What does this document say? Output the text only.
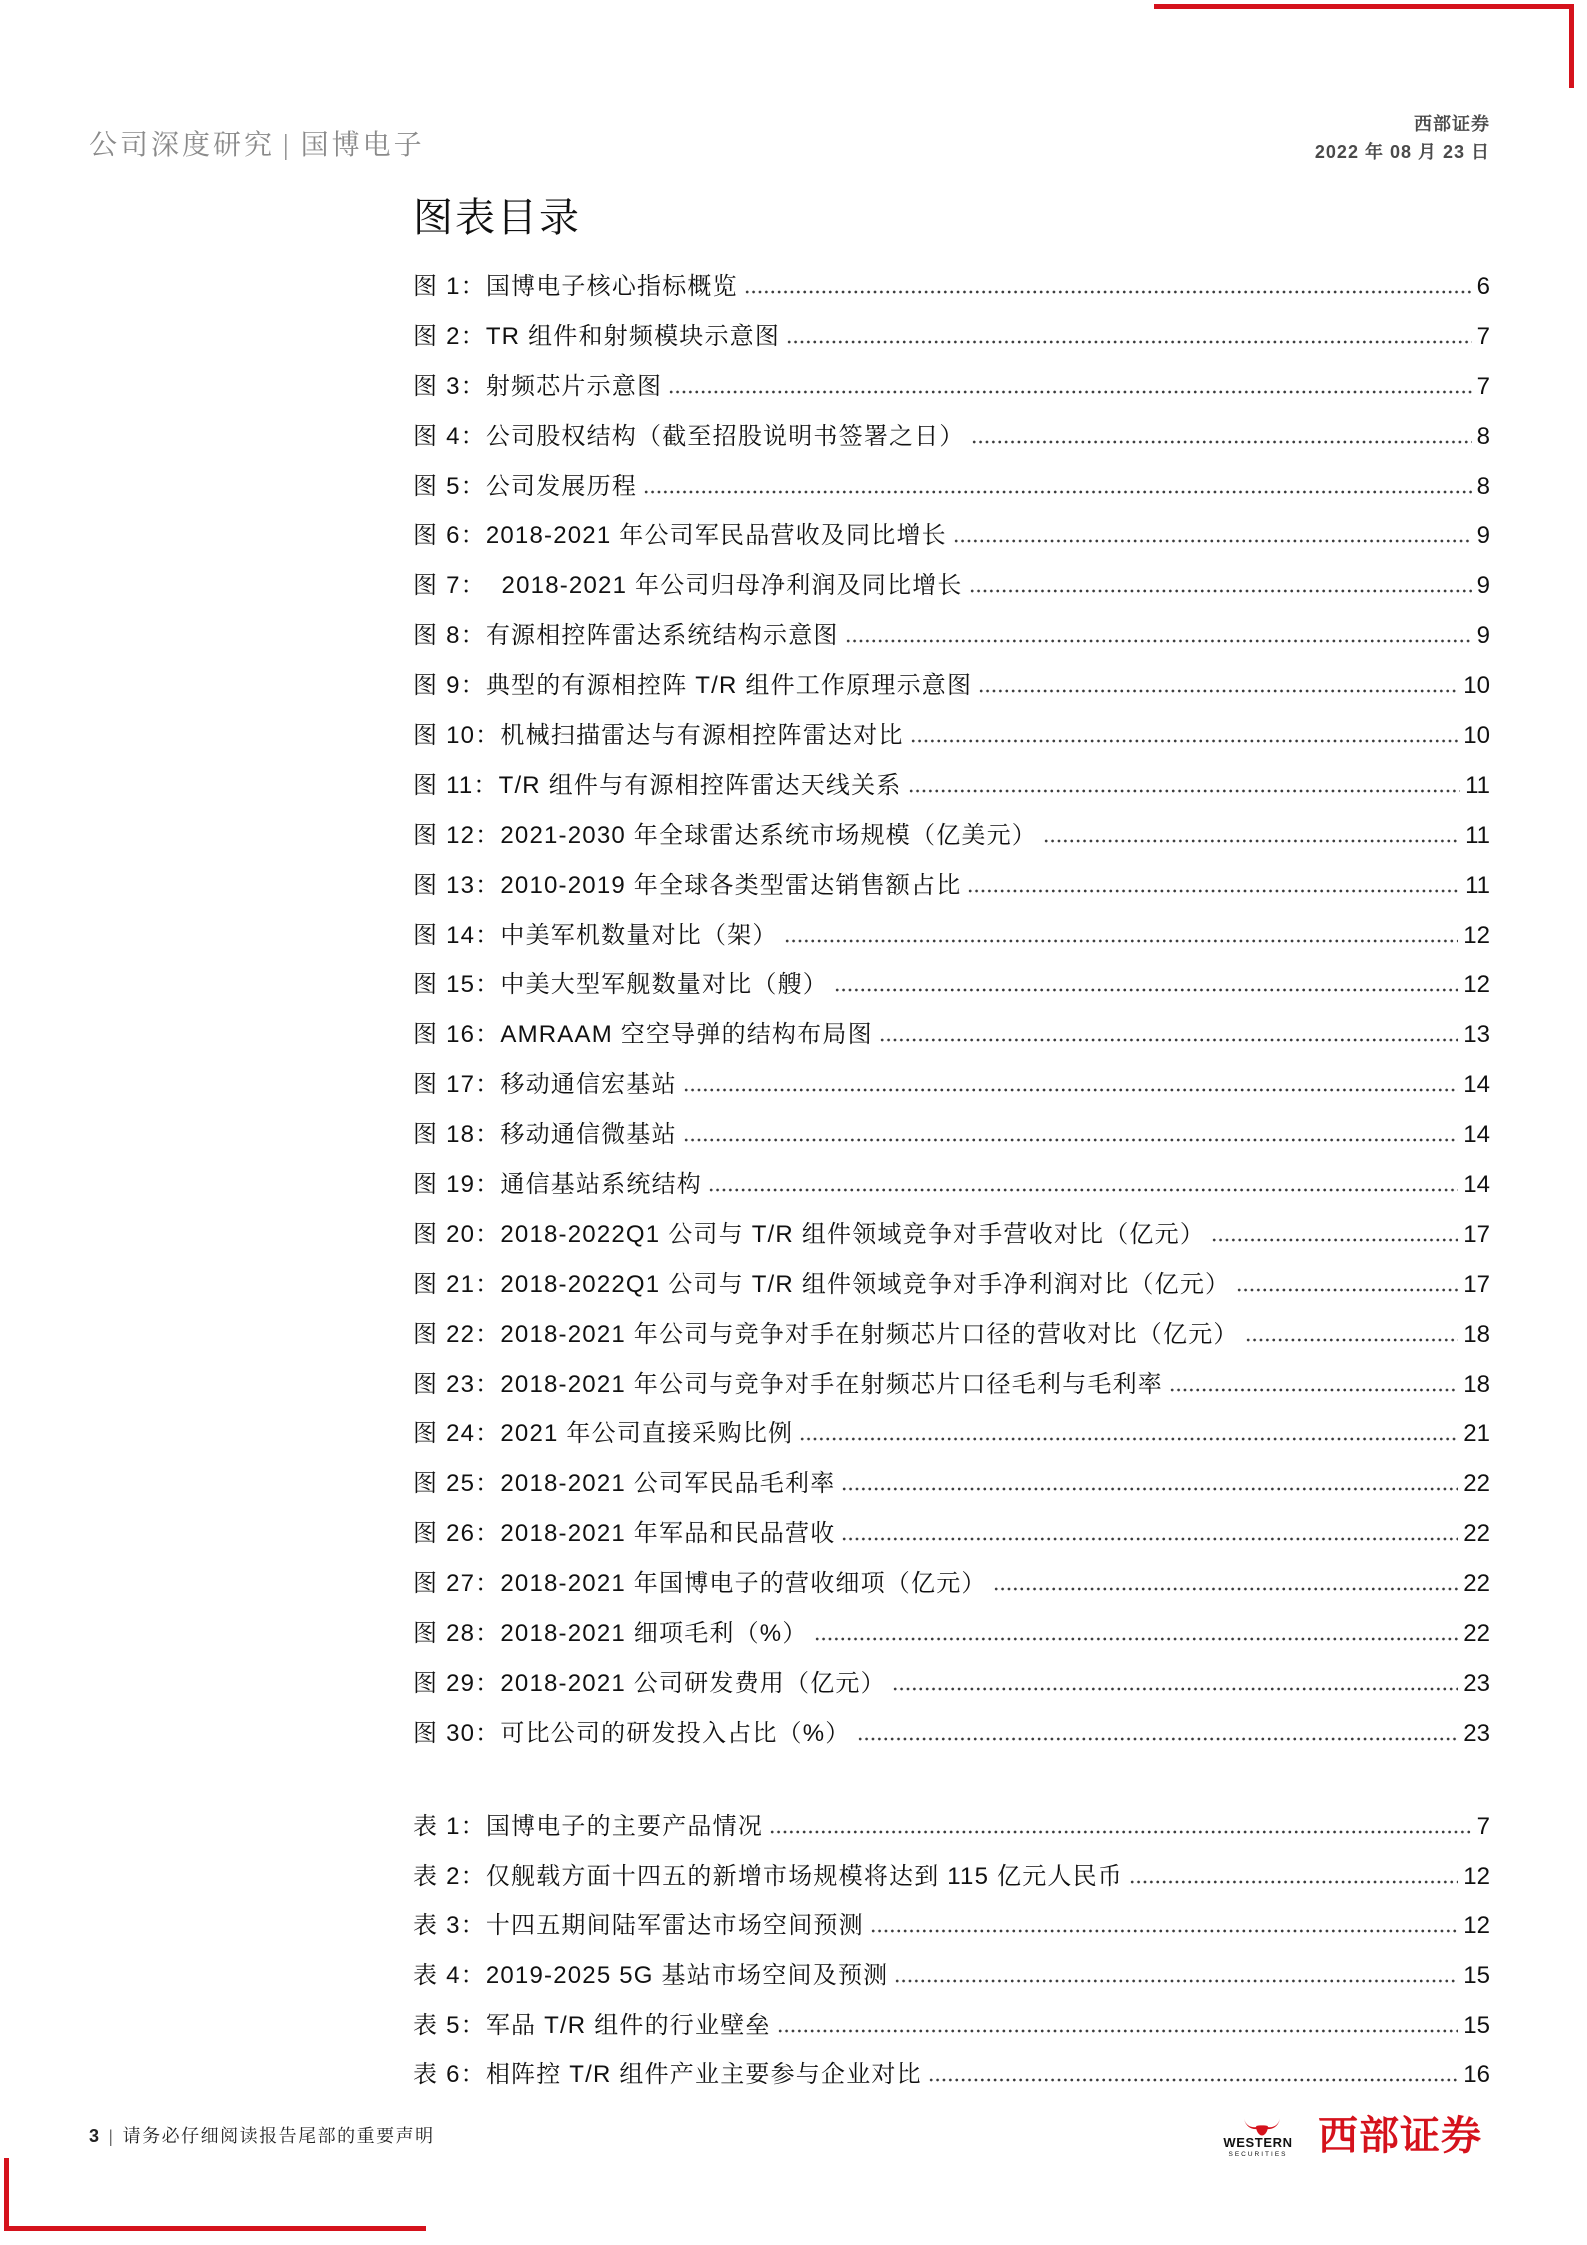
公司深度研究 | 国博电子
西部证券
2022 年 08 月 23 日
图表目录
图 1：国博电子核心指标概览	6
图 2：TR 组件和射频模块示意图	7
图 3：射频芯片示意图	7
图 4：公司股权结构（截至招股说明书签署之日）	8
图 5：公司发展历程	8
图 6：2018-2021 年公司军民品营收及同比增长	9
图 7：  2018-2021 年公司归母净利润及同比增长	9
图 8：有源相控阵雷达系统结构示意图	9
图 9：典型的有源相控阵 T/R 组件工作原理示意图	10
图 10：机械扫描雷达与有源相控阵雷达对比	10
图 11：T/R 组件与有源相控阵雷达天线关系	11
图 12：2021-2030 年全球雷达系统市场规模（亿美元）	11
图 13：2010-2019 年全球各类型雷达销售额占比	11
图 14：中美军机数量对比（架）	12
图 15：中美大型军舰数量对比（艘）	12
图 16：AMRAAM 空空导弹的结构布局图	13
图 17：移动通信宏基站	14
图 18：移动通信微基站	14
图 19：通信基站系统结构	14
图 20：2018-2022Q1 公司与 T/R 组件领域竞争对手营收对比（亿元）	17
图 21：2018-2022Q1 公司与 T/R 组件领域竞争对手净利润对比（亿元）	17
图 22：2018-2021 年公司与竞争对手在射频芯片口径的营收对比（亿元）	18
图 23：2018-2021 年公司与竞争对手在射频芯片口径毛利与毛利率	18
图 24：2021 年公司直接采购比例	21
图 25：2018-2021 公司军民品毛利率	22
图 26：2018-2021 年军品和民品营收	22
图 27：2018-2021 年国博电子的营收细项（亿元）	22
图 28：2018-2021 细项毛利（%）	22
图 29：2018-2021 公司研发费用（亿元）	23
图 30：可比公司的研发投入占比（%）	23
表 1：国博电子的主要产品情况	7
表 2：仅舰载方面十四五的新增市场规模将达到 115 亿元人民币	12
表 3：十四五期间陆军雷达市场空间预测	12
表 4：2019-2025 5G 基站市场空间及预测	15
表 5：军品 T/R 组件的行业壁垒	15
表 6：相阵控 T/R 组件产业主要参与企业对比	16
3 | 请务必仔细阅读报告尾部的重要声明	WESTERN
SECURITIES 西部证券
